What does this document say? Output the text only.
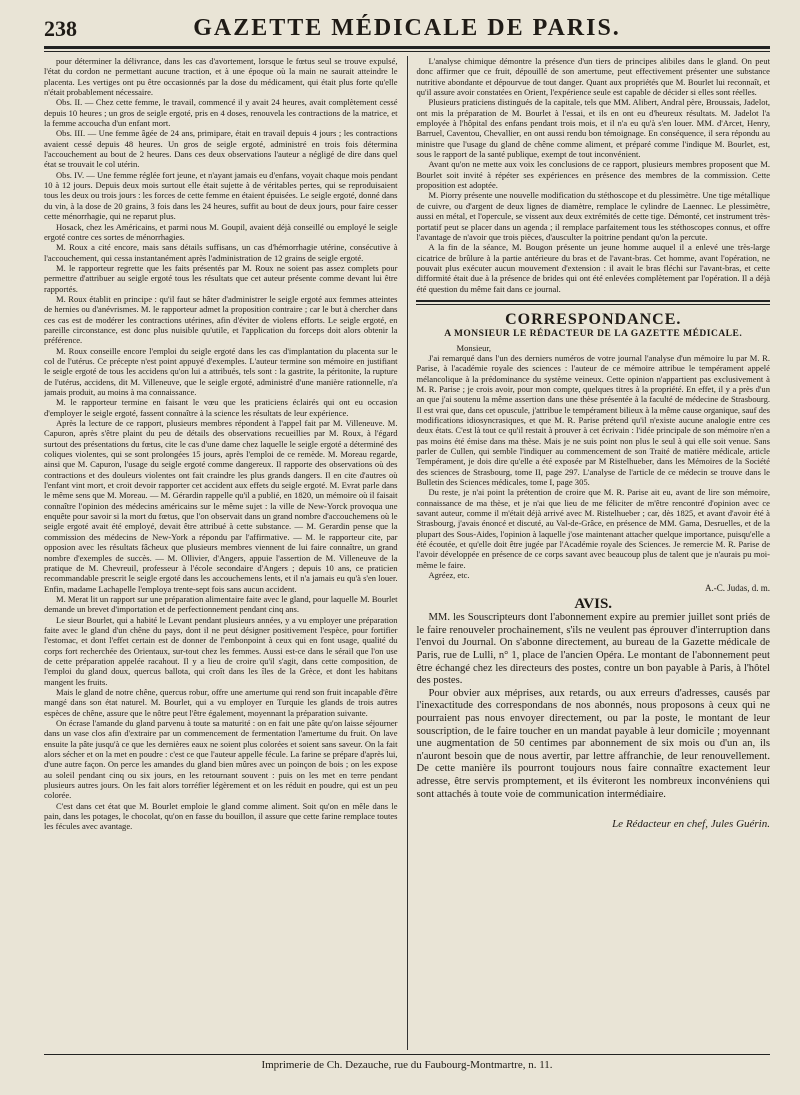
238	GAZETTE MÉDICALE DE PARIS.

pour déterminer la délivrance, dans les cas d'avortement, lorsque le fœtus seul se trouve expulsé, l'état du cordon ne permettant aucune traction, et à une époque où la main ne saurait atteindre le placenta. Les vertiges ont pu être occasionnés par la dose du médicament, qui était plus forte qu'elle n'était probablement nécessaire.

Obs. II. — Chez cette femme, le travail, commencé il y avait 24 heures, avait complètement cessé depuis 10 heures ; un gros de seigle ergoté, pris en 4 doses, renouvela les contractions de la matrice, et la femme accoucha d'un enfant mort.

Obs. III. — Une femme âgée de 24 ans, primipare, était en travail depuis 4 jours ; les contractions avaient cessé depuis 48 heures. Un gros de seigle ergoté, administré en trois fois détermina l'accouchement au bout de 2 heures. Dans ces deux observations l'auteur a négligé de dire dans quel état se trouvait le col utérin.

Obs. IV. — Une femme réglée fort jeune, et n'ayant jamais eu d'enfans, voyait chaque mois pendant 10 à 12 jours. Depuis deux mois surtout elle était sujette à de véritables pertes, qui se reproduisaient tous les deux ou trois jours : les forces de cette femme en étaient épuisées. Le seigle ergoté, donné dans du vin, à la dose de 20 grains, 3 fois dans les 24 heures, suffit au bout de deux jours, pour faire cesser cette ménorrhagie, qui ne reparut plus.

Hosack, chez les Américains, et parmi nous M. Goupil, avaient déjà conseillé ou employé le seigle ergoté contre ces sortes de ménorrhagies.

M. Roux a cité encore, mais sans détails suffisans, un cas d'hémorrhagie utérine, consécutive à l'accouchement, qui cessa instantanément après l'administration de 12 grains de seigle ergoté.

M. le rapporteur regrette que les faits présentés par M. Roux ne soient pas assez complets pour permettre d'attribuer au seigle ergoté tous les résultats que cet auteur présente comme devant lui être rapportés.

M. Roux établit en principe : qu'il faut se hâter d'administrer le seigle ergoté aux femmes atteintes de hernies ou d'anévrismes. M. le rapporteur admet la proposition contraire ; car le but à chercher dans ces cas est de modérer les contractions utérines, afin d'éviter de violens efforts. Le seigle ergoté, en pareille circonstance, est donc plus nuisible qu'utile, et l'application du forceps doit alors obtenir la préférence.

M. Roux conseille encore l'emploi du seigle ergoté dans les cas d'implantation du placenta sur le col de l'utérus. Ce précepte n'est point appuyé d'exemples. L'auteur termine son mémoire en justifiant le seigle ergoté de tous les accidens qu'on lui a attribués, tels sont : la gastrite, la péritonite, la rupture de l'utérus, accidens, dit M. Villeneuve, que le seigle ergoté, administré d'une manière rationnelle, n'a jamais produit, au moins à ma connaissance.

M. le rapporteur termine en faisant le vœu que les praticiens éclairés qui ont eu occasion d'employer le seigle ergoté, fassent connaître à la science les résultats de leur expérience.

Après la lecture de ce rapport, plusieurs membres répondent à l'appel fait par M. Villeneuve. M. Capuron, après s'être plaint du peu de détails des observations recueillies par M. Roux, à l'égard surtout des présentations du fœtus, cite le cas d'une dame chez laquelle le seigle ergoté a déterminé des coliques violentes, qui se sont prolongées 15 jours, après l'emploi de ce remède. M. Moreau regarde, ainsi que M. Capuron, l'usage du seigle ergoté comme dangereux. Il rapporte des observations où des contractions et des douleurs violentes ont fait craindre les plus grands dangers. Il en cite d'autres où l'enfant vint mort, et croit devoir rapporter cet accident aux effets du seigle ergoté. M. Evrat parle dans le même sens que M. Moreau. — M. Gérardin rappelle qu'il a publié, en 1820, un mémoire où il faisait connaître l'opinion des médecins américains sur le même sujet : la ville de New-Yorck provoqua une enquête pour savoir si la mort du fœtus, que l'on observait dans un grand nombre d'accouchemens où le seigle ergoté avait été employé, devait être attribué à cette substance. — M. Gerardin pense que la commission des médecins de New-York a répondu par l'affirmative. — M. le rapporteur cite, par opposion avec les résultats fâcheux que plusieurs membres viennent de lui faire connaître, un grand nombre d'exemples de succès. — M. Ollivier, d'Angers, appuie l'assertion de M. Villeneuve de la pratique de M. Chevreuil, professeur à l'école secondaire d'Angers ; depuis 10 ans, ce praticien recommandable prescrit le seigle ergoté dans les accouchemens lents, et il n'a jamais eu qu'à s'en louer. Enfin, madame Lachapelle l'employa trente-sept fois sans aucun accident.

M. Merat lit un rapport sur une préparation alimentaire faite avec le gland, pour laquelle M. Bourlet demande un brevet d'importation et de perfectionnement pendant cinq ans.

Le sieur Bourlet, qui a habité le Levant pendant plusieurs années, y a vu employer une préparation faite avec le gland d'un chêne du pays, dont il ne peut désigner positivement l'espèce, pour fortifier l'estomac, et dont l'effet certain est de donner de l'embonpoint à ceux qui en font usage, qualité du corps fort recherchée des Orientaux, sur-tout chez les femmes. Aussi est-ce dans le sérail que l'on use de cette préparation appelée racahout. Il y a lieu de croire qu'il s'agit, dans cette composition, de l'emploi du gland doux, quercus ballota, qui croît dans les îles de la Grèce, et dont les habitans mangent les fruits.

Mais le gland de notre chêne, quercus robur, offre une amertume qui rend son fruit incapable d'être mangé dans son état naturel. M. Bourlet, qui a vu employer en Turquie les glands de trois autres espèces de chêne, assure que le nôtre peut l'être également, moyennant la préparation suivante.

On écrase l'amande du gland parvenu à toute sa maturité : on en fait une pâte qu'on laisse séjourner dans un vase clos afin d'extraire par un commencement de fermentation l'amertume du fruit. On lave ensuite la pâte jusqu'à ce que les dernières eaux ne soient plus colorées et soient sans saveur. On la fait alors sécher et on la met en poudre : c'est ce que l'auteur appelle fécule. La farine se prépare d'après lui, d'une autre façon. On perce les amandes du gland bien mûres avec un poinçon de bois ; on les expose au soleil pendant cinq ou six jours, en les retournant souvent : puis on les met en terre pendant plusieurs autres jours. On les fait alors torréfier légèrement et on les réduit en poudre, qui est un peu colorée.

C'est dans cet état que M. Bourlet emploie le gland comme aliment. Soit qu'on en mêle dans le pain, dans les potages, le chocolat, qu'on en fasse du bouillon, il assure que cette farine remplace toutes les fécules avec avantage.

L'analyse chimique démontre la présence d'un tiers de principes alibiles dans le gland. On peut donc affirmer que ce fruit, dépouillé de son amertume, peut effectivement présenter une substance nutritive abondante et dépourvue de tout danger. Quant aux propriétés que M. Bourlet lui reconnaît, et qu'il assure avoir constatées en Orient, l'expérience seule est capable de décider si elles sont réelles.

Plusieurs praticiens distingués de la capitale, tels que MM. Alibert, Andral père, Broussais, Jadelot, ont mis la préparation de M. Bourlet à l'essai, et ils en ont eu d'heureux résultats. M. Jadelot l'a employée à l'hôpital des enfans pendant trois mois, et il n'a eu qu'à s'en louer. MM. d'Arcet, Henry, Barruel, Caventou, Chevallier, en ont aussi rendu bon témoignage. En conséquence, il sera répondu au ministre que l'usage du gland de chêne comme aliment, et préparé comme l'indique M. Bourlet, est, sous le rapport de la santé publique, exempt de tout inconvénient.

Avant qu'on ne mette aux voix les conclusions de ce rapport, plusieurs membres proposent que M. Bourlet soit invité à répéter ses expériences en présence des membres de la commission. Cette proposition est adoptée.

M. Piorry présente une nouvelle modification du stéthoscope et du plessimètre. Une tige métallique de cuivre, ou d'argent de deux lignes de diamètre, remplace le cylindre de Laennec. Le plessimètre, aussi en métal, et l'opercule, se vissent aux deux extrémités de cette tige. Démonté, cet instrument très-portatif peut se placer dans un agenda ; il remplace parfaitement tous les stéthoscopes connus, et offre l'avantage de n'avoir que trois pièces, d'ausculter la poitrine pendant qu'on la percute.

A la fin de la séance, M. Bougon présente un jeune homme auquel il a enlevé une très-large cicatrice de brûlure à la partie antérieure du bras et de l'avant-bras. Cet homme, avant l'opération, ne pouvait plus exécuter aucun mouvement d'extension : il avait le bras fléchi sur l'avant-bras, et cette difformité était due à la présence de brides qui ont été enlevées complètement par l'opération. Il a déjà été question du même fait dans ce journal.

CORRESPONDANCE.
A MONSIEUR LE RÉDACTEUR DE LA GAZETTE MÉDICALE.

Monsieur,

J'ai remarqué dans l'un des derniers numéros de votre journal l'analyse d'un mémoire lu par M. R. Parise, à l'académie royale des sciences : l'auteur de ce mémoire attribue le tempérament appelé mélancolique à la prédominance du système veineux. Cette opinion n'appartient pas exclusivement à M. R. Parise ; je crois avoir, pour mon compte, quelques titres à la propriété. En effet, il y a près d'un an que j'ai soutenu la même assertion dans une thèse présentée à la faculté de médecine de Strasbourg. Il est vrai que, dans cet opuscule, j'attribue le tempérament bilieux à la même cause organique, sauf des modifications idiosyncrasiques, et que M. R. Parise prétend qu'il n'existe aucune analogie entre ces deux états. C'est là tout ce qu'il restait à prouver à cet écrivain : l'idée principale de son mémoire n'en a pas moins été émise dans ma thèse. Mais je ne suis point non plus le seul à qui elle soit venue. Sans parler de Cullen, qui semble l'indiquer au commencement de son Traité de matière médicale, article Tempérament, je dois dire qu'elle a été exposée par M Ristelhueber, dans les Mémoires de la Société des sciences de Strasbourg, tome II, page 297. L'analyse de l'article de ce médecin se trouve dans le Bulletin des Sciences médicales, tome I, page 305.

Du reste, je n'ai point la prétention de croire que M. R. Parise ait eu, avant de lire son mémoire, connaissance de ma thèse, et je n'ai que lieu de me féliciter de m'être rencontré d'opinion avec ce savant auteur, comme il m'était déjà arrivé avec M. Ristelhueber ; car, dès 1825, et avant d'avoir été à Strasbourg, j'avais énoncé et discuté, au Val-de-Grâce, en présence de MM. Gama, Desruelles, et de la plupart des Sous-Aides, l'opinion à laquelle j'ose maintenant attacher quelque importance, puisqu'elle a été écoutée, et qu'elle doit être jugée par l'Académie royale des Sciences. Je remercie M. R. Parise de l'avoir développée en présence de ce corps savant avec beaucoup plus de talent que je n'aurais pu moi-même le faire.

Agréez, etc.

A.-C. Judas, d. m.
AVIS.

MM. les Souscripteurs dont l'abonnement expire au premier juillet sont priés de le faire renouveler prochainement, s'ils ne veulent pas éprouver d'interruption dans l'envoi du Journal. On s'abonne directement, au bureau de la Gazette médicale de Paris, rue de Lulli, n° 1, place de l'ancien Opéra. Le montant de l'abonnement peut être échangé chez les directeurs des postes, contre un bon payable à Paris, à l'hôtel des postes.

Pour obvier aux méprises, aux retards, ou aux erreurs d'adresses, causés par l'inexactitude des correspondans de nos abonnés, nous proposons à ceux qui ne pourraient pas nous envoyer directement, ou par la poste, le montant de leur souscription, de le faire toucher en un mandat payable à leur domicile ; moyennant une augmentation de 50 centimes par abonnement de six mois ou d'un an, ils n'auront besoin que de nous avertir, par lettre affranchie, de leur renouvellement. De cette manière ils pourront toujours nous faire connaître exactement leur adresse, être servis promptement, et ils éviteront les nombreux inconvéniens qui sont attachés à toute voie de communication intermédiaire.

Le Rédacteur en chef, Jules Guérin.
Imprimerie de Ch. Dezauche, rue du Faubourg-Montmartre, n. 11.
